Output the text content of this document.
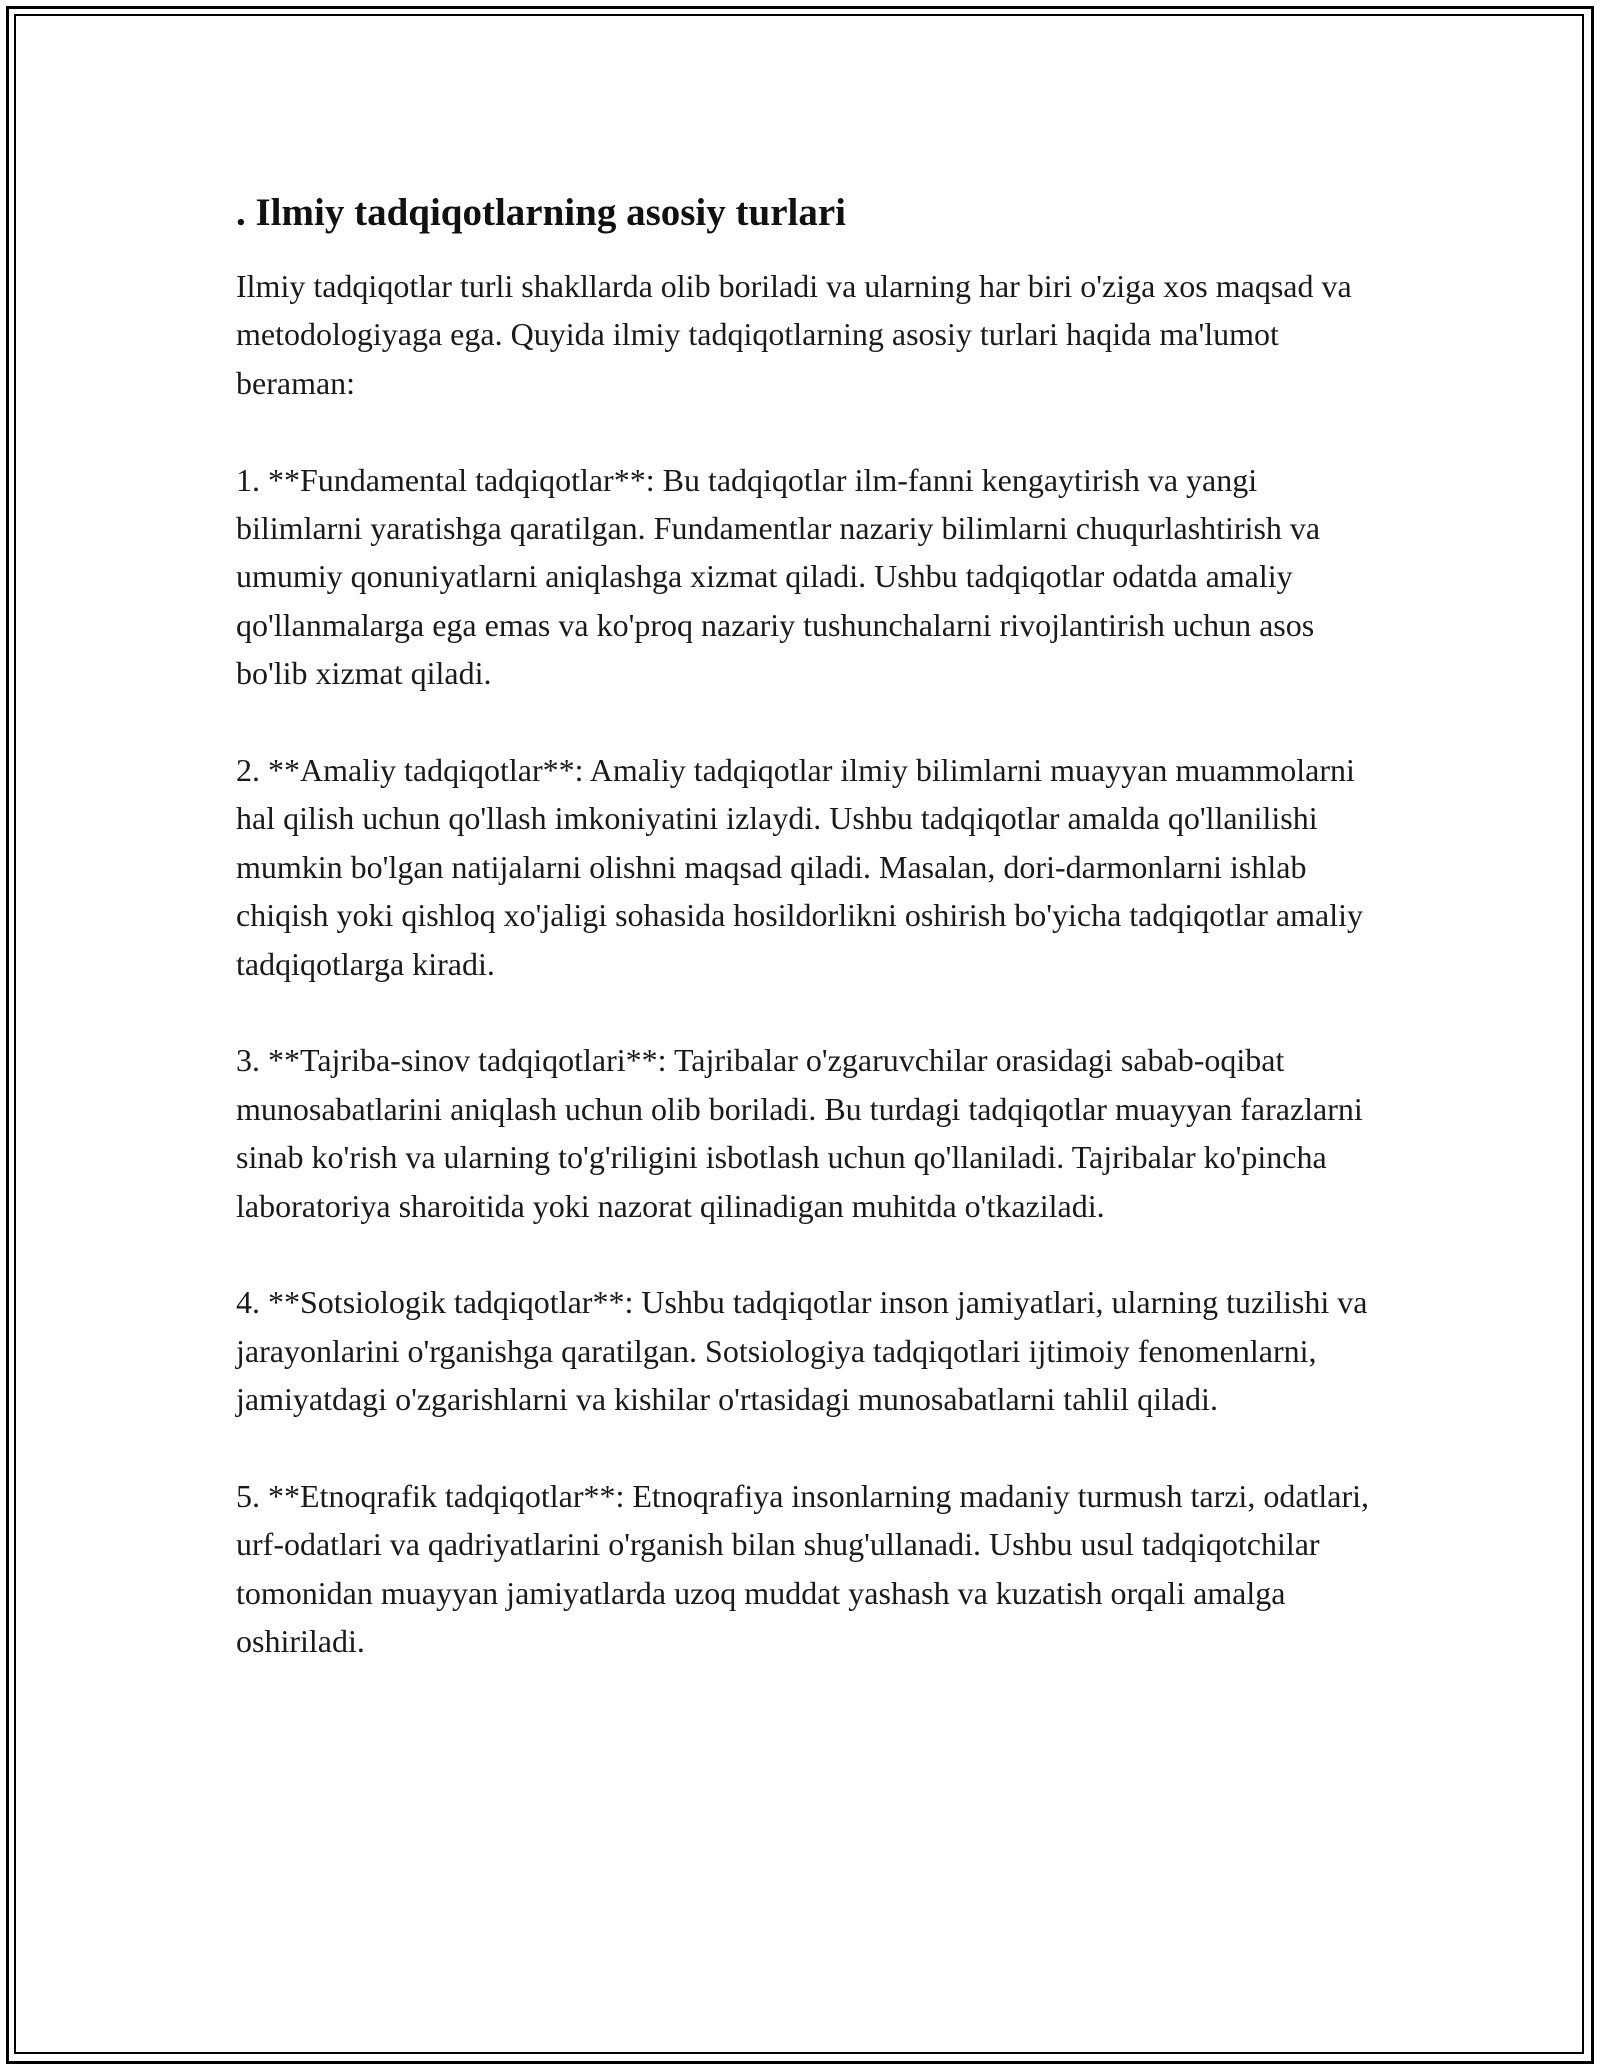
. Ilmiy tadqiqotlarning asosiy turlari

Ilmiy tadqiqotlar turli shakllarda olib boriladi va ularning har biri o'ziga xos maqsad va metodologiyaga ega. Quyida ilmiy tadqiqotlarning asosiy turlari haqida ma'lumot beraman:

1. **Fundamental tadqiqotlar**: Bu tadqiqotlar ilm-fanni kengaytirish va yangi bilimlarni yaratishga qaratilgan. Fundamentlar nazariy bilimlarni chuqurlashtirish va umumiy qonuniyatlarni aniqlashga xizmat qiladi. Ushbu tadqiqotlar odatda amaliy qo'llanmalarga ega emas va ko'proq nazariy tushunchalarni rivojlantirish uchun asos bo'lib xizmat qiladi.

2. **Amaliy tadqiqotlar**: Amaliy tadqiqotlar ilmiy bilimlarni muayyan muammolarni hal qilish uchun qo'llash imkoniyatini izlaydi. Ushbu tadqiqotlar amalda qo'llanilishi mumkin bo'lgan natijalarni olishni maqsad qiladi. Masalan, dori-darmonlarni ishlab chiqish yoki qishloq xo'jaligi sohasida hosildorlikni oshirish bo'yicha tadqiqotlar amaliy tadqiqotlarga kiradi.

3. **Tajriba-sinov tadqiqotlari**: Tajribalar o'zgaruvchilar orasidagi sabab-oqibat munosabatlarini aniqlash uchun olib boriladi. Bu turdagi tadqiqotlar muayyan farazlarni sinab ko'rish va ularning to'g'riligini isbotlash uchun qo'llaniladi. Tajribalar ko'pincha laboratoriya sharoitida yoki nazorat qilinadigan muhitda o'tkaziladi.

4. **Sotsiologik tadqiqotlar**: Ushbu tadqiqotlar inson jamiyatlari, ularning tuzilishi va jarayonlarini o'rganishga qaratilgan. Sotsiologiya tadqiqotlari ijtimoiy fenomenlarni, jamiyatdagi o'zgarishlarni va kishilar o'rtasidagi munosabatlarni tahlil qiladi.

5. **Etnoqrafik tadqiqotlar**: Etnoqrafiya insonlarning madaniy turmush tarzi, odatlari, urf-odatlari va qadriyatlarini o'rganish bilan shug'ullanadi. Ushbu usul tadqiqotchilar tomonidan muayyan jamiyatlarda uzoq muddat yashash va kuzatish orqali amalga oshiriladi.
